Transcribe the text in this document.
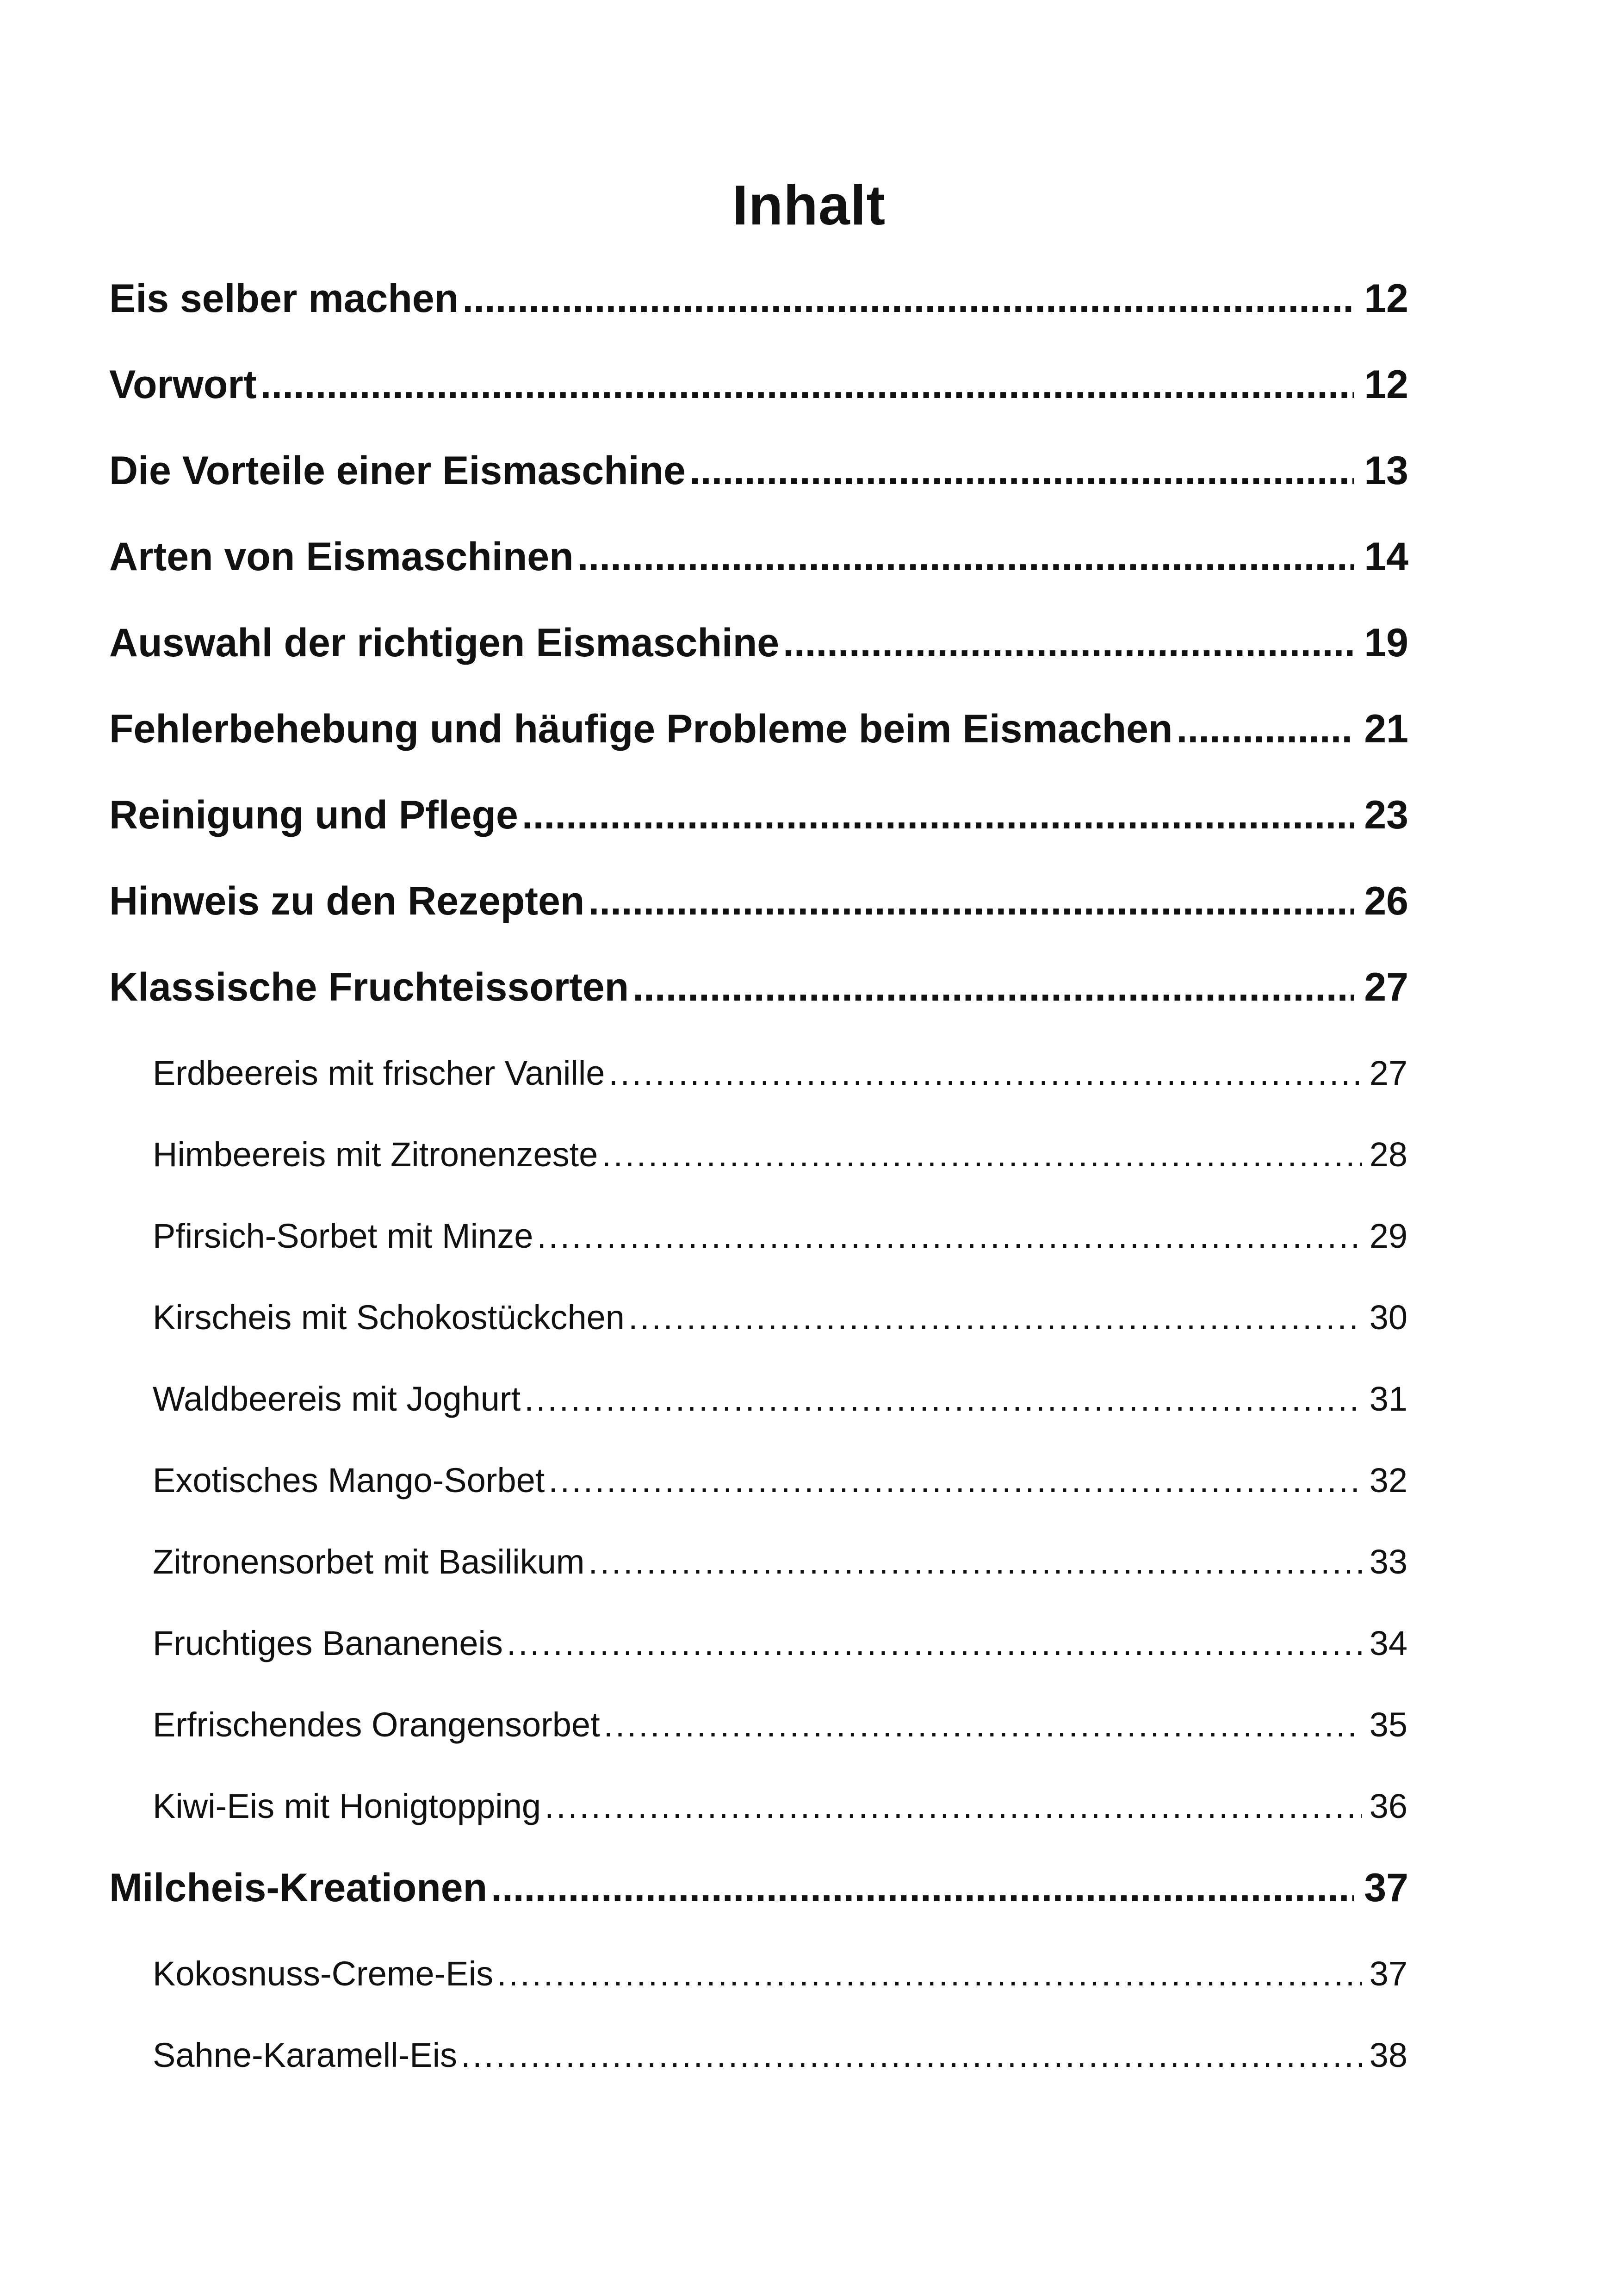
Inhalt
Eis selber machen . . .	12
Vorwort . . .	12
Die Vorteile einer Eismaschine . . .	13
Arten von Eismaschinen . . .	14
Auswahl der richtigen Eismaschine . . .	19
Fehlerbehebung und häufige Probleme beim Eismachen . . .	21
Reinigung und Pflege . . .	23
Hinweis zu den Rezepten . . .	26
Klassische Fruchteissorten . . .	27
Erdbeereis mit frischer Vanille . . .	27
Himbeereis mit Zitronenzeste . . .	28
Pfirsich-Sorbet mit Minze . . .	29
Kirscheis mit Schokostückchen . . .	30
Waldbeereis mit Joghurt . . .	31
Exotisches Mango-Sorbet . . .	32
Zitronensorbet mit Basilikum . . .	33
Fruchtiges Bananeneis . . .	34
Erfrischendes Orangensorbet . . .	35
Kiwi-Eis mit Honigtopping . . .	36
Milcheis-Kreationen . . .	37
Kokosnuss-Creme-Eis . . .	37
Sahne-Karamell-Eis . . .	38
